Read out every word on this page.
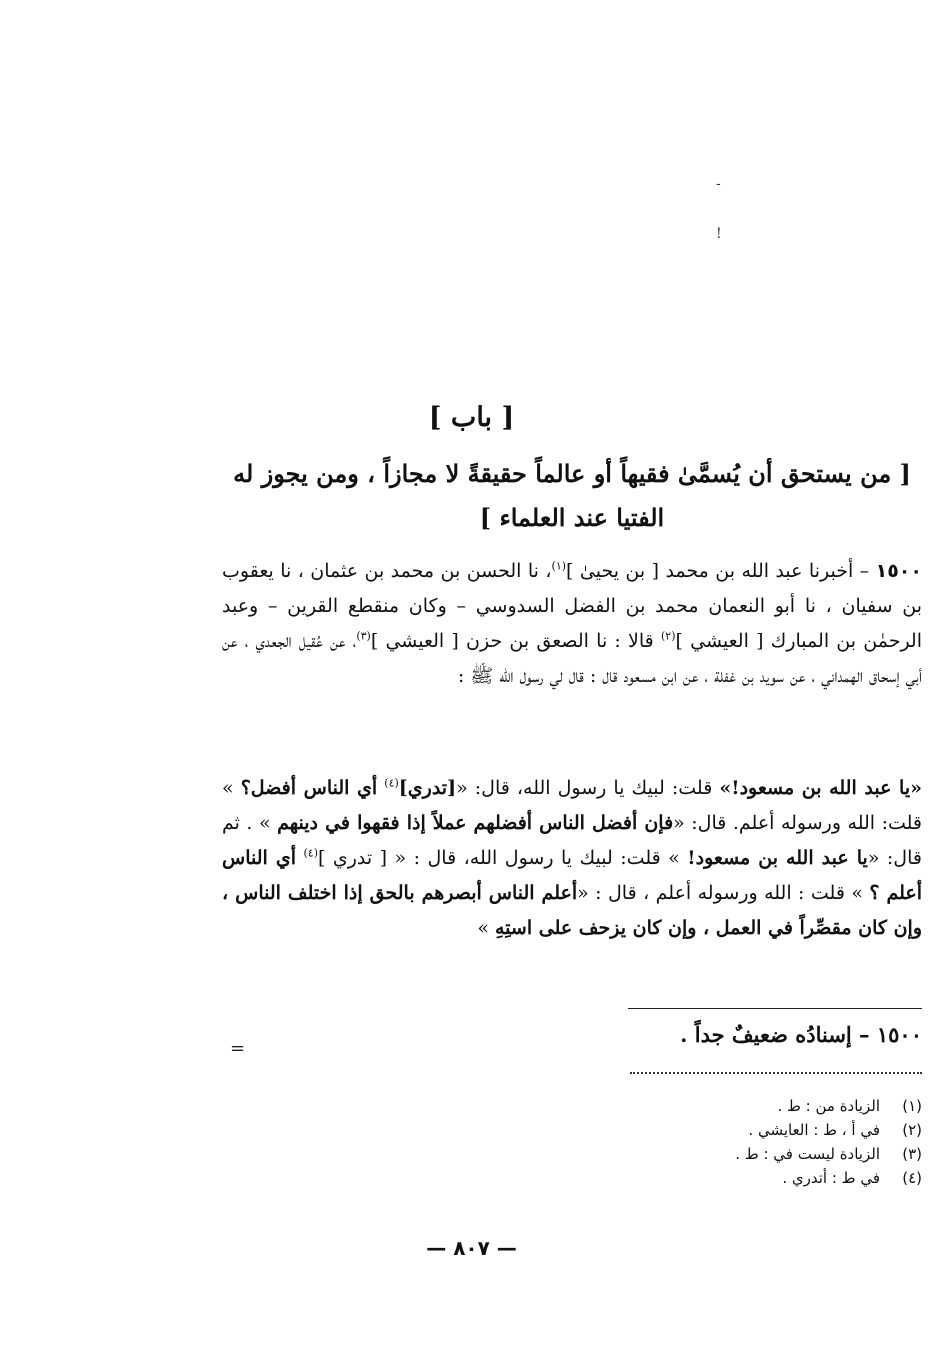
-
!
[ باب ]
[ من يستحق أن يُسمَّىٰ فقيهاً أو عالماً حقيقةً لا مجازاً ، ومن يجوز له الفتيا عند العلماء ]
١٥٠٠ – أخبرنا عبد الله بن محمد [ بن يحيىٰ ]$^{(١)}$، نا الحسن بن محمد بن عثمان ، نا يعقوب بن سفيان ، نا أبو النعمان محمد بن الفضل السدوسي – وكان منقطع القرين – وعبد الرحمٰن بن المبارك [ العيشي ]$^{(٢)}$ قالا : نا الصعق بن حزن [ العيشي ]$^{(٣)}$، عن عُقيل الجعدي ، عن أبي إسحاق الهمداني ، عن سويد بن غفلة ، عن ابن مسعود قال : قال لي رسول الله ﷺ :
«يا عبد الله بن مسعود!» قلت: لبيك يا رسول الله، قال: «[تدري]$^{(٤)}$ أي الناس أفضل؟ » قلت: الله ورسوله أعلم. قال: «فإن أفضل الناس أفضلهم عملاً إذا فقهوا في دينهم » . ثم قال: «يا عبد الله بن مسعود! » قلت: لبيك يا رسول الله، قال : « [ تدري ]$^{(٤)}$ أي الناس أعلم ؟ » قلت : الله ورسوله أعلم ، قال : «أعلم الناس أبصرهم بالحق إذا اختلف الناس ، وإن كان مقصِّراً في العمل ، وإن كان يزحف على استِهِ »
١٥٠٠ – إسنادُه ضعيفٌ جداً .
=
(١)
الزيادة من : ط .
(٢)
في أ ، ط : العايشي .
(٣)
الزيادة ليست في : ط .
(٤)
في ط : أتدري .
— ٨٠٧ —
